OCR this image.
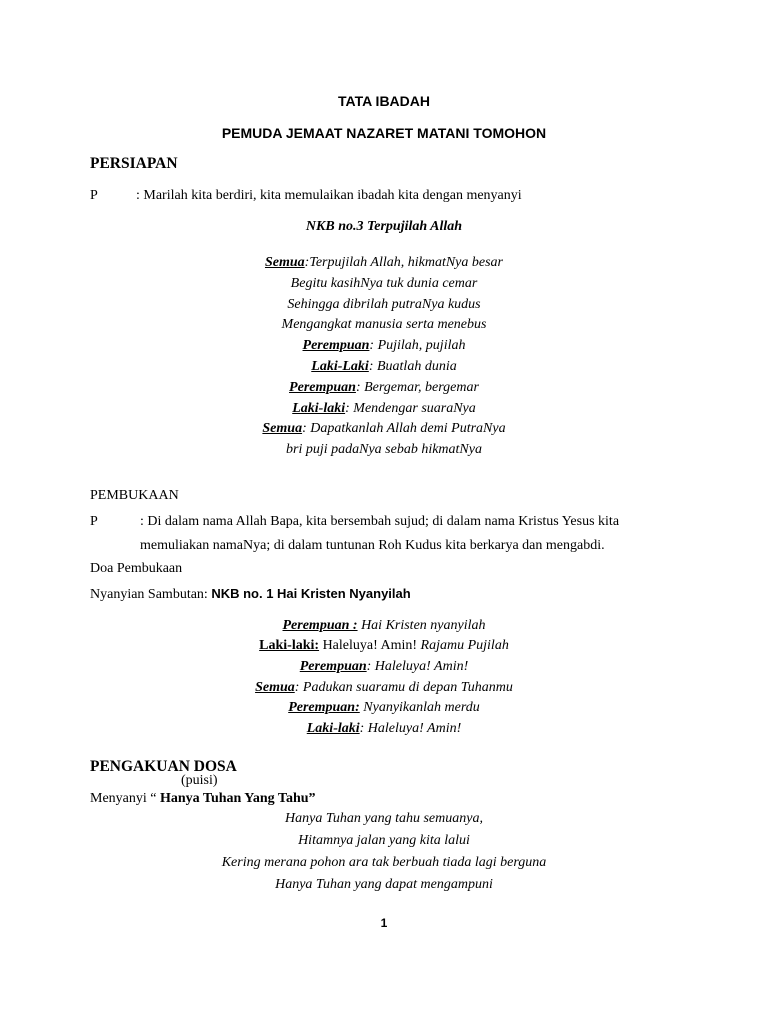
TATA IBADAH
PEMUDA JEMAAT NAZARET MATANI TOMOHON
PERSIAPAN
P	: Marilah kita berdiri, kita memulaikan ibadah kita dengan menyanyi
NKB no.3 Terpujilah Allah
Semua:Terpujilah Allah, hikmatNya besar
Begitu kasihNya tuk dunia cemar
Sehingga dibrilah putraNya kudus
Mengangkat manusia serta menebus
Perempuan: Pujilah, pujilah
Laki-Laki: Buatlah dunia
Perempuan: Bergemar, bergemar
Laki-laki: Mendengar suaraNya
Semua: Dapatkanlah Allah demi PutraNya
bri puji padaNya sebab hikmatNya
PEMBUKAAN
P	: Di dalam nama Allah Bapa, kita bersembah sujud; di dalam nama Kristus Yesus kita
memuliakan namaNya; di dalam tuntunan Roh Kudus kita berkarya dan mengabdi.
Doa Pembukaan
Nyanyian Sambutan: NKB no. 1 Hai Kristen Nyanyilah
Perempuan : Hai Kristen nyanyilah
Laki-laki: Haleluya! Amin! Rajamu Pujilah
Perempuan: Haleluya! Amin!
Semua: Padukan suaramu di depan Tuhanmu
Perempuan: Nyanyikanlah merdu
Laki-laki: Haleluya! Amin!
PENGAKUAN DOSA
(puisi)
Menyanyi “ Hanya Tuhan Yang Tahu”
Hanya Tuhan yang tahu semuanya,
Hitamnya jalan yang kita lalui
Kering merana pohon ara tak berbuah tiada lagi berguna
Hanya Tuhan yang dapat mengampuni
1
